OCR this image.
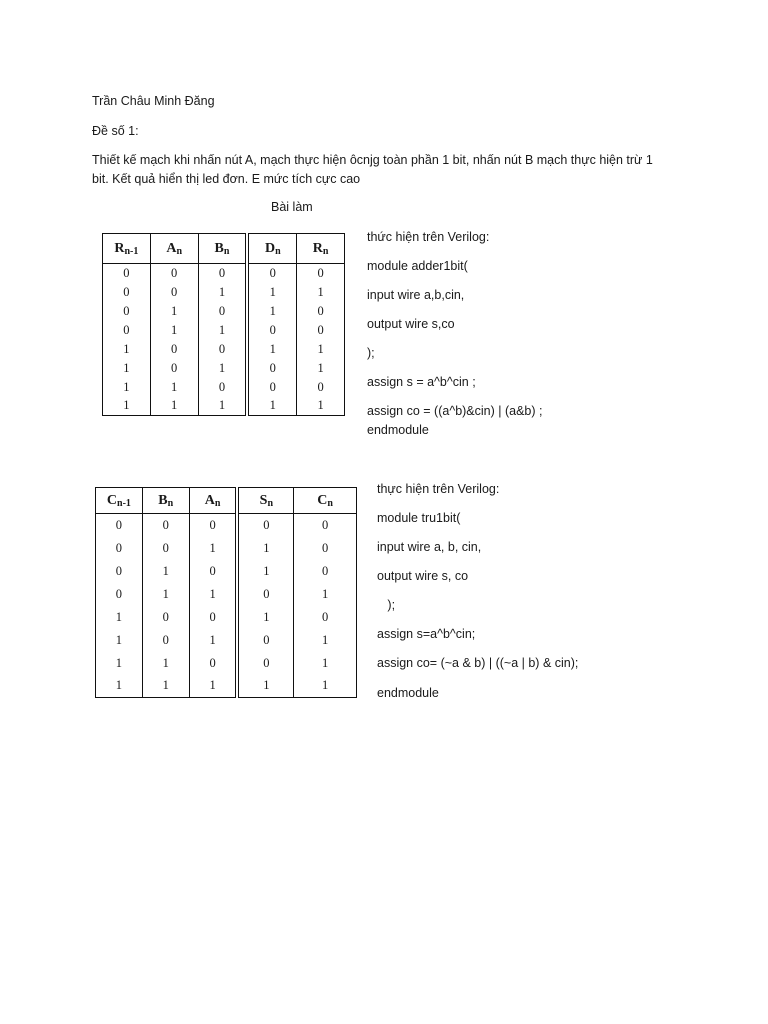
Trần Châu Minh Đăng
Đề số 1:
Thiết kế mạch khi nhấn nút A, mạch thực hiện ôcnjg toàn phần 1 bit, nhấn nút B mạch thực hiện trừ 1
bit. Kết quả hiển thị led đơn. E mức tích cực cao
Bài làm
$R_{n-1}$	$A_n$	$B_n$	$D_n$	$R_n$
0	0	0	0	0
0	0	1	1	1
0	1	0	1	0
0	1	1	0	0
1	0	0	1	1
1	0	1	0	1
1	1	0	0	0
1	1	1	1	1
thức hiện trên Verilog:
module adder1bit(
input wire a,b,cin,
output wire s,co
);
assign s = a^b^cin ;
assign co = ((a^b)&cin) | (a&b) ;
endmodule
$C_{n-1}$	$B_n$	$A_n$	$S_n$	$C_n$
0	0	0	0	0
0	0	1	1	0
0	1	0	1	0
0	1	1	0	1
1	0	0	1	0
1	0	1	0	1
1	1	0	0	1
1	1	1	1	1
thực hiện trên Verilog:
module tru1bit(
input wire a, b, cin,
output wire s, co
);
assign s=a^b^cin;
assign co= (~a & b) | ((~a | b) & cin);
endmodule
